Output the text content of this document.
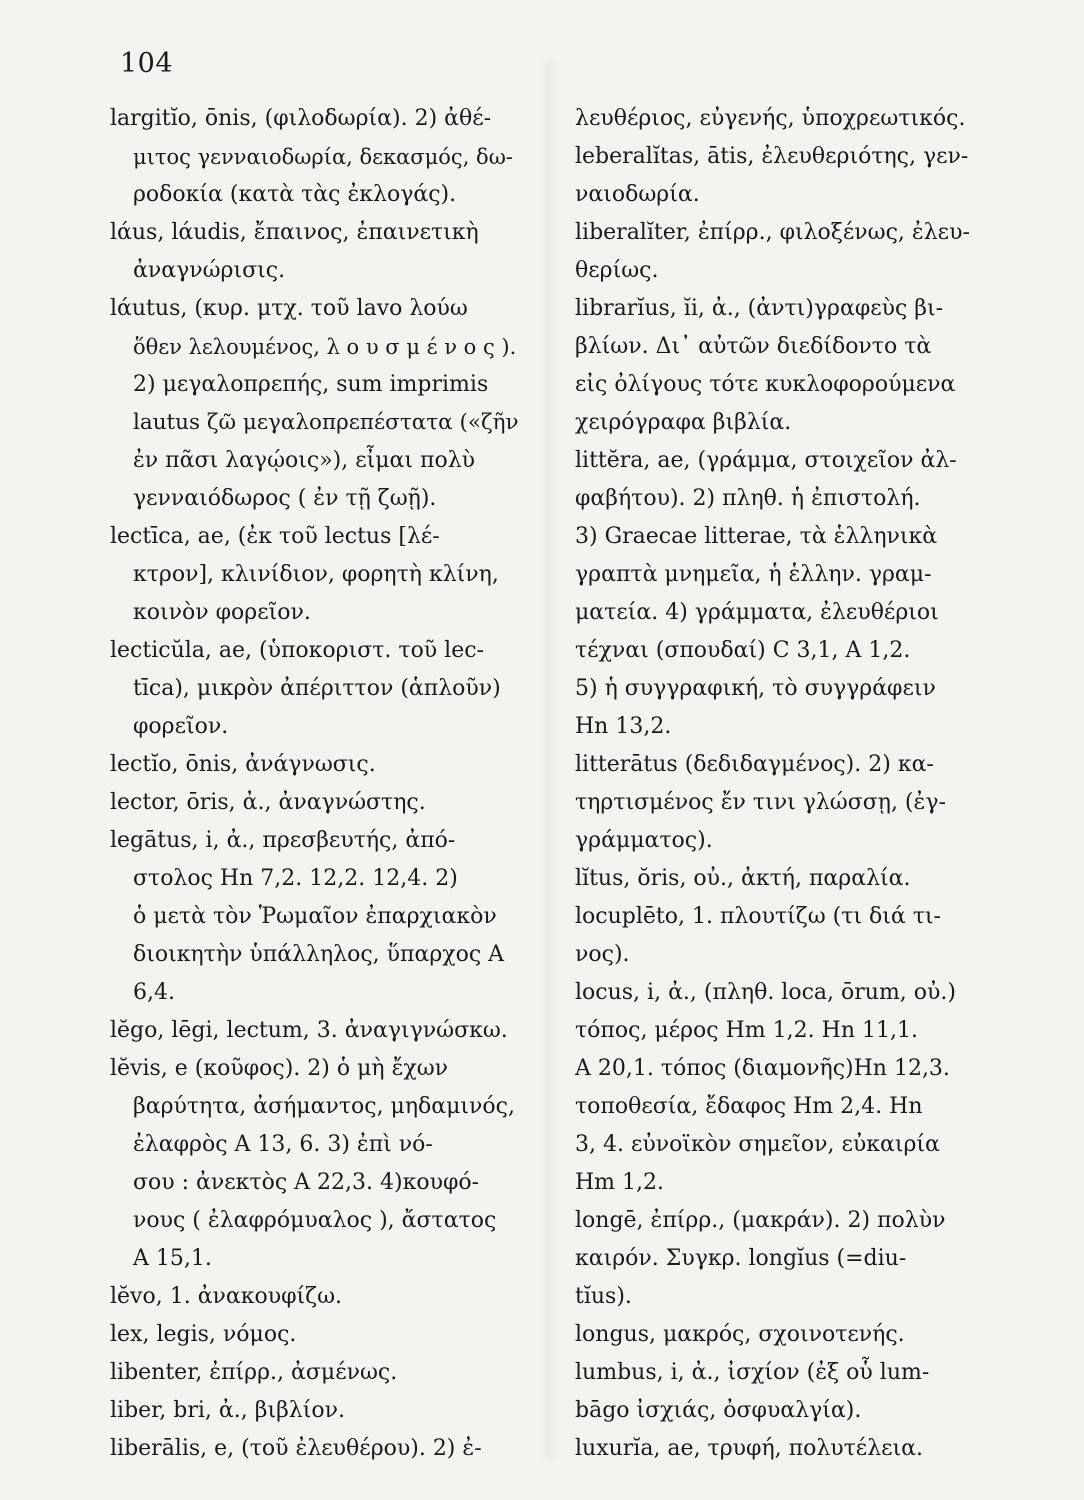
104
largitĭo, ōnis, (φιλοδωρία). 2) ἀθέ-
μιτος γενναιοδωρία, δεκασμός, δω-
ροδοκία (κατὰ τὰς ἐκλογάς).
lάus, lάudis, ἔπαινος, ἐπαινετικὴ
ἀναγνώρισις.
lάutus, (κυρ. μτχ. τοῦ lavo λούω
ὅθεν λελουμένος, λ ο υ σ μ έ ν ο ς ).
2) μεγαλοπρεπής, sum imprimis
lautus ζῶ μεγαλοπρεπέστατα («ζῆν
ἐν πᾶσι λαγῴοις»), εἶμαι πολὺ
γενναιόδωρος ( ἐν τῇ ζωῇ).
lectīca, ae, (ἐκ τοῦ lectus [λέ-
κτρον], κλινίδιον, φορητὴ κλίνη,
κοινὸν φορεῖον.
lecticŭla, ae, (ὑποκοριστ. τοῦ lec-
tīca), μικρὸν ἀπέριττον (ἁπλοῦν)
φορεῖον.
lectĭo, ōnis, ἀνάγνωσις.
lector, ōris, ἀ., ἀναγνώστης.
legātus, i, ἀ., πρεσβευτής, ἀπό-
στολος Hn 7,2. 12,2. 12,4. 2)
ὁ μετὰ τὸν Ῥωμαῖον ἐπαρχιακὸν
διοικητὴν ὑπάλληλος, ὕπαρχος A
6,4.
lĕgo, lēgi, lectum, 3. ἀναγιγνώσκω.
lĕvis, e (κοῦφος). 2) ὁ μὴ ἔχων
βαρύτητα, ἀσήμαντος, μηδαμινός,
ἐλαφρὸς A 13, 6. 3) ἐπὶ νό-
σου : ἀνεκτὸς A 22,3. 4)κουφό-
νους ( ἐλαφρόμυαλος ), ἄστατος
A 15,1.
lĕvo, 1. ἀνακουφίζω.
lex, legis, νόμος.
libenter, ἐπίρρ., ἀσμένως.
liber, bri, ἀ., βιβλίον.
liberālis, e, (τοῦ ἐλευθέρου). 2) ἐ-
λευθέριος, εὐγενής, ὑποχρεωτικός.
leberalĭtas, ātis, ἐλευθεριότης, γεν-
ναιοδωρία.
liberalĭter, ἐπίρρ., φιλοξένως, ἐλευ-
θερίως.
librarĭus, ĭi, ἀ., (ἀντι)γραφεὺς βι-
βλίων. Δι᾽ αὐτῶν διεδίδοντο τὰ
εἰς ὀλίγους τότε κυκλοφορούμενα
χειρόγραφα βιβλία.
littĕra, ae, (γράμμα, στοιχεῖον ἀλ-
φαβήτου). 2) πληθ. ἡ ἐπιστολή.
3) Graecae litterae, τὰ ἑλληνικὰ
γραπτὰ μνημεῖα, ἡ ἑλλην. γραμ-
ματεία. 4) γράμματα, ἐλευθέριοι
τέχναι (σπουδαί) C 3,1, A 1,2.
5) ἡ συγγραφική, τὸ συγγράφειν
Hn 13,2.
litterātus (δεδιδαγμένος). 2) κα-
τηρτισμένος ἔν τινι γλώσσῃ, (ἐγ-
γράμματος).
lĭtus, ŏris, οὐ., ἀκτή, παραλία.
locuplēto, 1. πλουτίζω (τι διά τι-
νος).
locus, i, ἀ., (πληθ. loca, ōrum, οὐ.)
τόπος, μέρος Hm 1,2. Hn 11,1.
A 20,1. τόπος (διαμονῆς)Hn 12,3.
τοποθεσία, ἔδαφος Hm 2,4. Hn
3, 4. εὐνοϊκὸν σημεῖον, εὐκαιρία
Hm 1,2.
longē, ἐπίρρ., (μακράν). 2) πολὺν
καιρόν. Συγκρ. longĭus (=diu-
tĭus).
longus, μακρός, σχοινοτενής.
lumbus, i, ἀ., ἰσχίον (ἐξ οὗ lum-
bāgo ἰσχιάς, ὀσφυαλγία).
luxurĭa, ae, τρυφή, πολυτέλεια.
